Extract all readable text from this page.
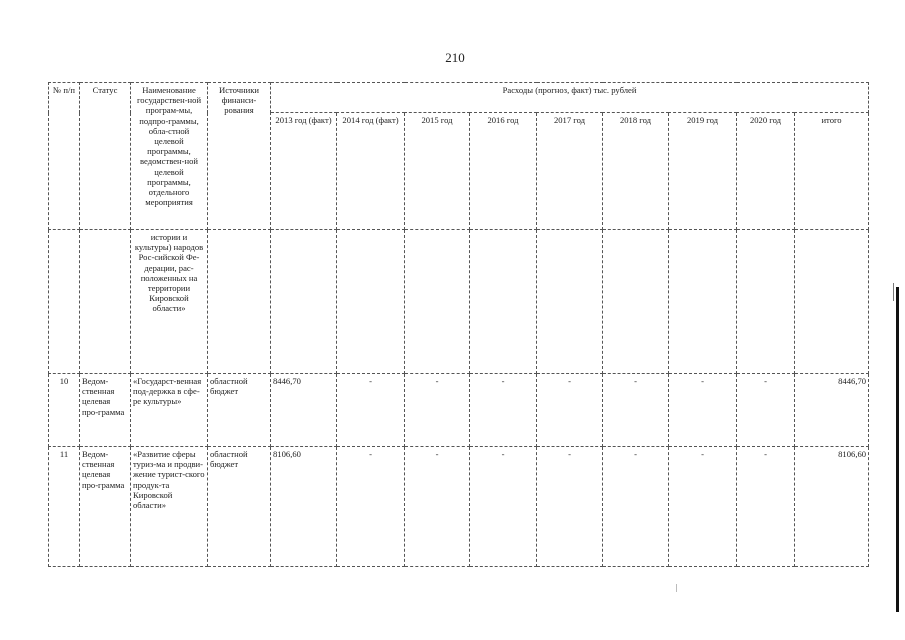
210
№ п/п	Статус	Наименование государствен-ной програм-мы, подпро-граммы, обла-стной целевой программы, ведомствен-ной целевой программы, отдельного мероприятия	Источники финанси-рования	Расходы (прогноз, факт) тыс. рублей								
				2013 год (факт)	2014 год (факт)	2015 год	2016 год	2017 год	2018 год	2019 год	2020 год	итого
		истории и культуры) народов Рос-сийской Фе-дерации, рас-положенных на территории Кировской области»										
10	Ведом-ственная целевая про-грамма	«Государст-венная под-держка в сфе-ре культуры»	областной бюджет	8446,70	-	-	-	-	-	-	-	8446,70
11	Ведом-ственная целевая про-грамма	«Развитие сферы туриз-ма и продви-жение турист-ского продук-та Кировской области»	областной бюджет	8106,60	-	-	-	-	-	-	-	8106,60
